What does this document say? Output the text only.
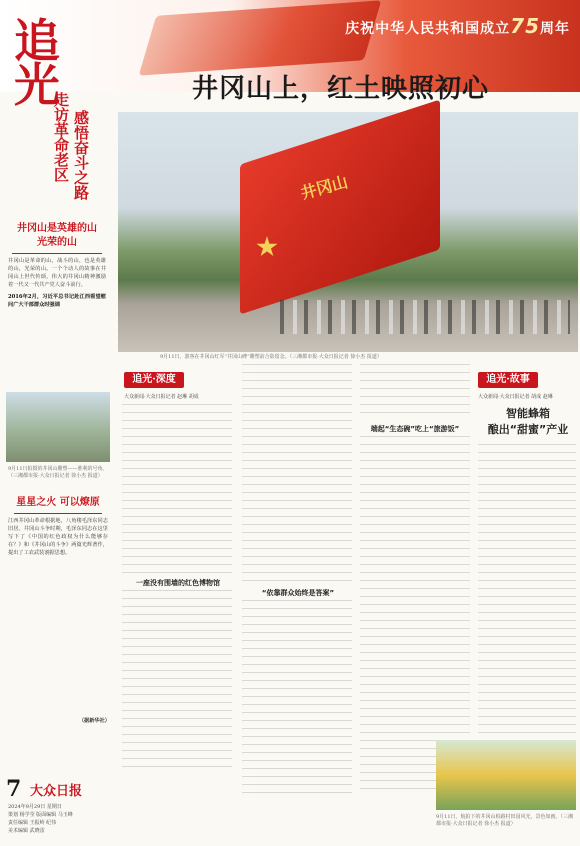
庆祝中华人民共和国成立75周年
追
光
走访革命老区 感悟奋斗之路
井冈山上，红土映照初心
井冈山
9月11日，游客在井冈山红军“井冈山碑”雕塑前合影留念。（三湘都市报·大众日报记者 徐小杰 报道）
井冈山是英雄的山
光荣的山
井冈山是革命的山，战斗的山，也是英雄的山，光荣的山。一个个动人的故事在井冈山上世代传颂，伟大的井冈山精神激励着一代又一代共产党人奋斗前行。
2016年2月，习近平总书记赴江西看望慰问广大干部群众时强调
9月11日拍摄的井冈山雕塑——胜利的号角。（三湘都市报·大众日报记者 徐小杰 报道）
星星之火 可以燎原
江西井冈山革命根据地，八角楼毛泽东同志旧居。井冈山斗争时期，毛泽东同志在这里写下了《中国的红色政权为什么能够存在？》和《井冈山的斗争》两篇光辉著作，提出了工农武装割据思想。
（据新华社）
追光·深度
大众新闻·大众日报记者 赵琳 胡成
一座没有围墙的红色博物馆
“依靠群众始终是答案”
端起“生态碗”吃上“旅游饭”
追光·故事
大众新闻·大众日报记者 胡成 赵琳
智能蜂箱
酿出“甜蜜”产业
9月11日，航拍下的井冈山柏路村田园风光，景色如画。（三湘都市报·大众日报记者 徐小杰 报道）
7 大众日报
2024年9月29日 星期日
策划 杨学莹 版面编辑 马玉峰
责任编辑 王振岭 纪伟
美术编辑 武晓雷
